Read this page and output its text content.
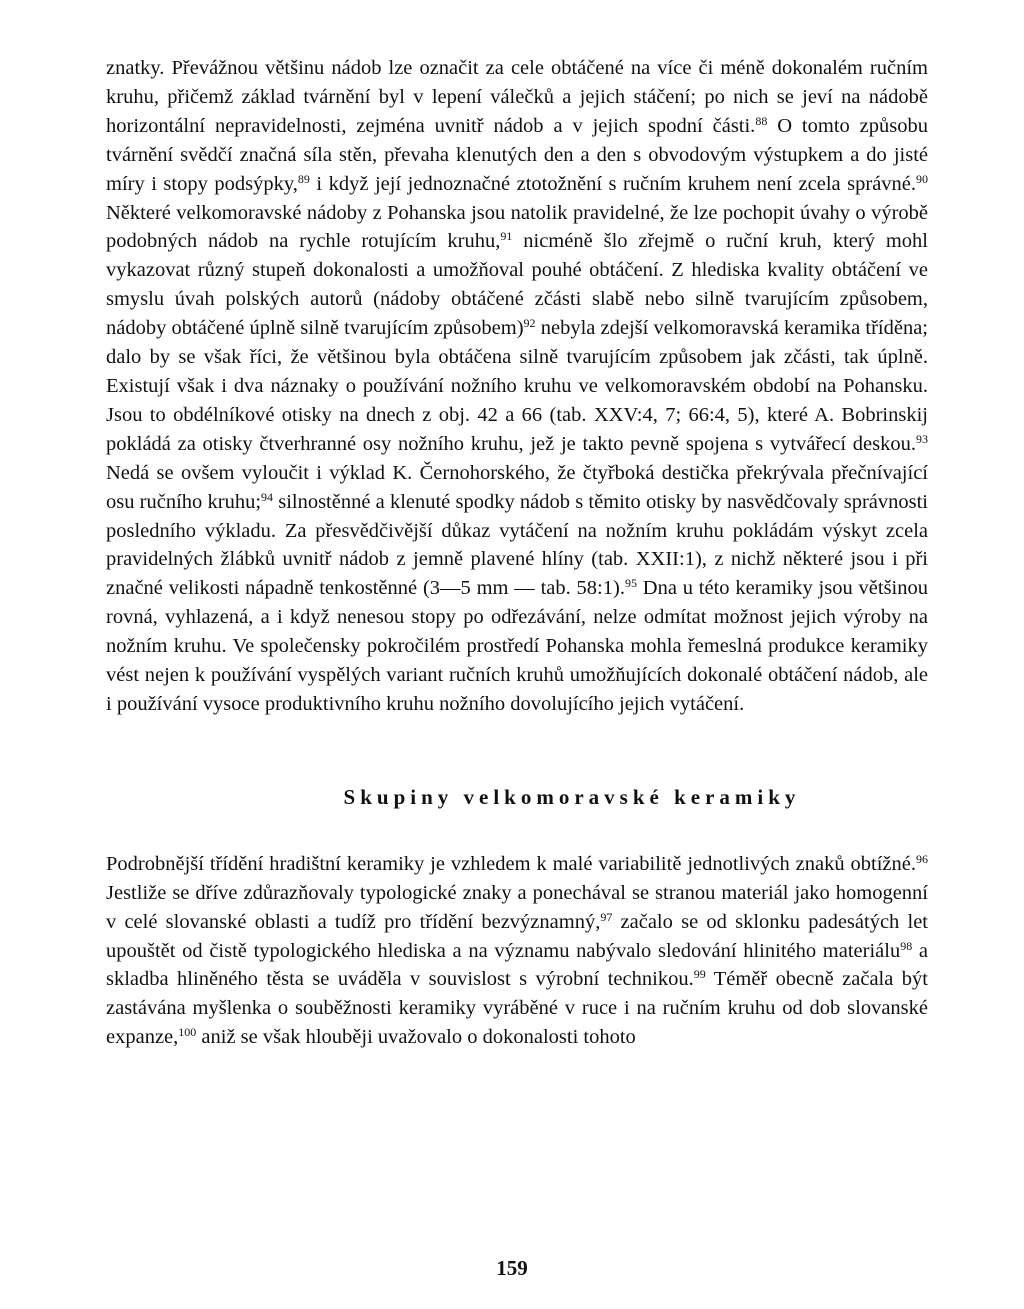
znatky. Převážnou většinu nádob lze označit za cele obtáčené na více či méně dokonalém ručním kruhu, přičemž základ tvárnění byl v lepení válečků a jejich stáčení; po nich se jeví na nádobě horizontální nepravidelnosti, zejména uvnitř nádob a v jejich spodní části.$^{88}$ O tomto způsobu tvárnění svědčí značná síla stěn, převaha klenutých den a den s obvodovým výstupkem a do jisté míry i stopy podsýpky,$^{89}$ i když její jednoznačné ztotožnění s ručním kruhem není zcela správné.$^{90}$ Některé velkomoravské nádoby z Pohanska jsou natolik pravidelné, že lze pochopit úvahy o výrobě podobných nádob na rychle rotujícím kruhu,$^{91}$ nicméně šlo zřejmě o ruční kruh, který mohl vykazovat různý stupeň dokonalosti a umožňoval pouhé obtáčení. Z hlediska kvality obtáčení ve smyslu úvah polských autorů (nádoby obtáčené zčásti slabě nebo silně tvarujícím způsobem, nádoby obtáčené úplně silně tvarujícím způsobem)$^{92}$ nebyla zdejší velkomoravská keramika tříděna; dalo by se však říci, že většinou byla obtáčena silně tvarujícím způsobem jak zčásti, tak úplně. Existují však i dva náznaky o používání nožního kruhu ve velkomoravském období na Pohansku. Jsou to obdélníkové otisky na dnech z obj. 42 a 66 (tab. XXV:4, 7; 66:4, 5), které A. Bobrinskij pokládá za otisky čtverhranné osy nožního kruhu, jež je takto pevně spojena s vytvářecí deskou.$^{93}$ Nedá se ovšem vyloučit i výklad K. Černohorského, že čtyřboká destička překrývala přečnívající osu ručního kruhu;$^{94}$ silnostěnné a klenuté spodky nádob s těmito otisky by nasvědčovaly správnosti posledního výkladu. Za přesvědčivější důkaz vytáčení na nožním kruhu pokládám výskyt zcela pravidelných žlábků uvnitř nádob z jemně plavené hlíny (tab. XXII:1), z nichž některé jsou i při značné velikosti nápadně tenkostěnné (3—5 mm — tab. 58:1).$^{95}$ Dna u této keramiky jsou většinou rovná, vyhlazená, a i když nenesou stopy po odřezávání, nelze odmítat možnost jejich výroby na nožním kruhu. Ve společensky pokročilém prostředí Pohanska mohla řemeslná produkce keramiky vést nejen k používání vyspělých variant ručních kruhů umožňujících dokonalé obtáčení nádob, ale i používání vysoce produktivního kruhu nožního dovolujícího jejich vytáčení.

Skupiny velkomoravské keramiky

Podrobnější třídění hradištní keramiky je vzhledem k malé variabilitě jednotlivých znaků obtížné.$^{96}$ Jestliže se dříve zdůrazňovaly typologické znaky a ponechával se stranou materiál jako homogenní v celé slovanské oblasti a tudíž pro třídění bezvýznamný,$^{97}$ začalo se od sklonku padesátých let upouštět od čistě typologického hlediska a na významu nabývalo sledování hlinitého materiálu$^{98}$ a skladba hliněného těsta se uváděla v souvislost s výrobní technikou.$^{99}$ Téměř obecně začala být zastávána myšlenka o souběžnosti keramiky vyráběné v ruce i na ručním kruhu od dob slovanské expanze,$^{100}$ aniž se však hlouběji uvažovalo o dokonalosti tohoto

159
